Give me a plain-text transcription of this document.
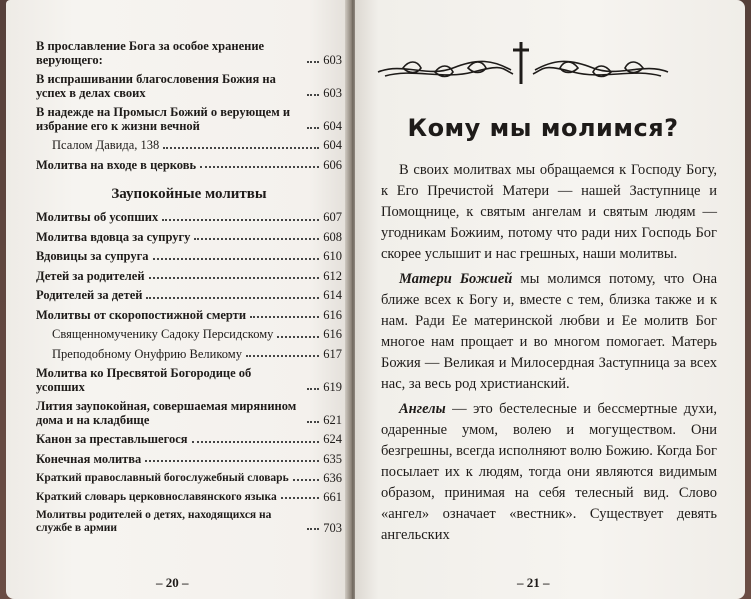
В прославление Бога за особое хранение верующего:	603
В испрашивании благословения Божия на успех в делах своих	603
В надежде на Промысл Божий о верующем и избрание его к жизни вечной	604
Псалом Давида, 138	604
Молитва на входе в церковь	606
Заупокойные молитвы
Молитвы об усопших	607
Молитва вдовца за супругу	608
Вдовицы за супруга	610
Детей за родителей	612
Родителей за детей	614
Молитвы от скоропостижной смерти	616
Священномученику Садоку Персидскому	616
Преподобному Онуфрию Великому	617
Молитва ко Пресвятой Богородице об усопших	619
Лития заупокойная, совершаемая мирянином дома и на кладбище	621
Канон за преставльшегося	624
Конечная молитва	635
Краткий православный богослужебный словарь	636
Краткий словарь церковнославянского языка	661
Молитвы родителей о детях, находящихся на службе в армии	703
– 20 –
Кому мы молимся?

В своих молитвах мы обращаемся к Господу Богу, к Его Пречистой Матери — нашей Заступнице и Помощнице, к святым ангелам и святым людям — угодникам Божиим, потому что ради них Господь Бог скорее услышит и нас грешных, наши молитвы.

Матери Божией мы молимся потому, что Она ближе всех к Богу и, вместе с тем, близка также и к нам. Ради Ее материнской любви и Ее молитв Бог многое нам прощает и во многом помогает. Матерь Божия — Великая и Милосердная Заступница за всех нас, за весь род христианский.

Ангелы — это бестелесные и бессмертные духи, одаренные умом, волею и могуществом. Они безгрешны, всегда исполняют волю Божию. Когда Бог посылает их к людям, тогда они являются видимым образом, принимая на себя телесный вид. Слово «ангел» означает «вестник». Существует девять ангельских

– 21 –
